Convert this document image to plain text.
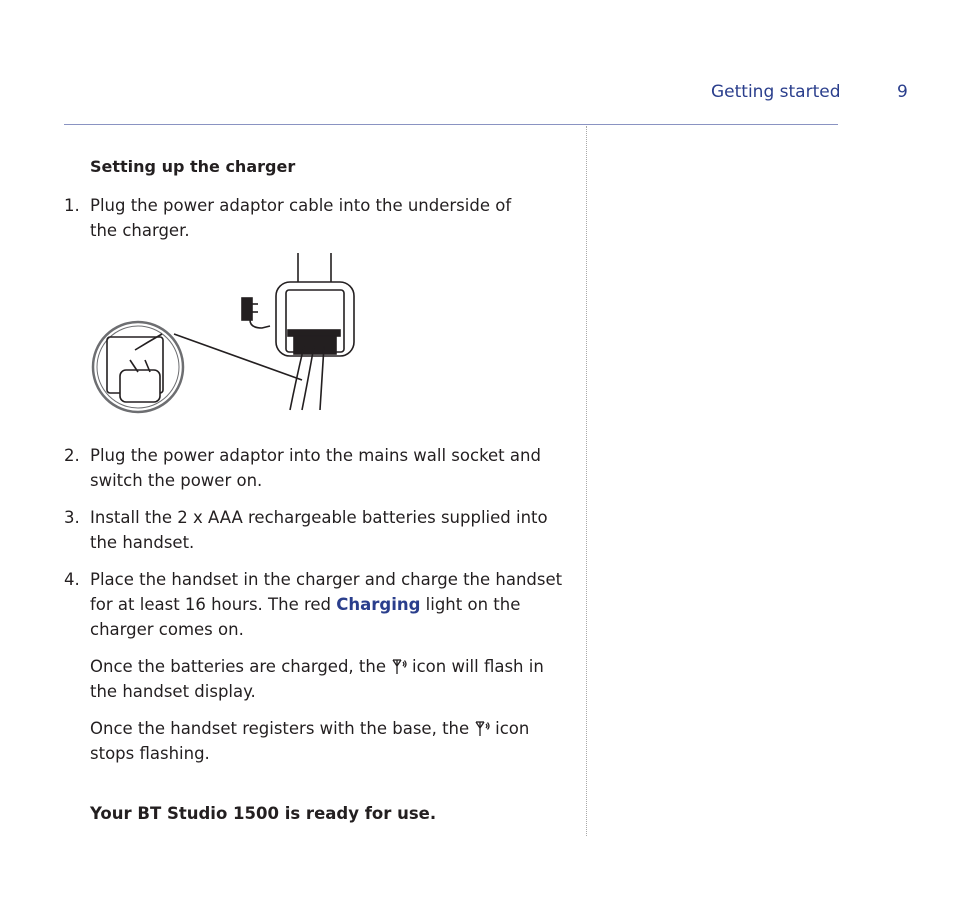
Getting started	9
Setting up the charger
1. Plug the power adaptor cable into the underside of
the charger.
2. Plug the power adaptor into the mains wall socket and
switch the power on.
3. Install the 2 x AAA rechargeable batteries supplied into
the handset.
4. Place the handset in the charger and charge the handset
for at least 16 hours. The red Charging light on the
charger comes on.
Once the batteries are charged, the icon will flash in
the handset display.
Once the handset registers with the base, the icon
stops flashing.
Your BT Studio 1500 is ready for use.
